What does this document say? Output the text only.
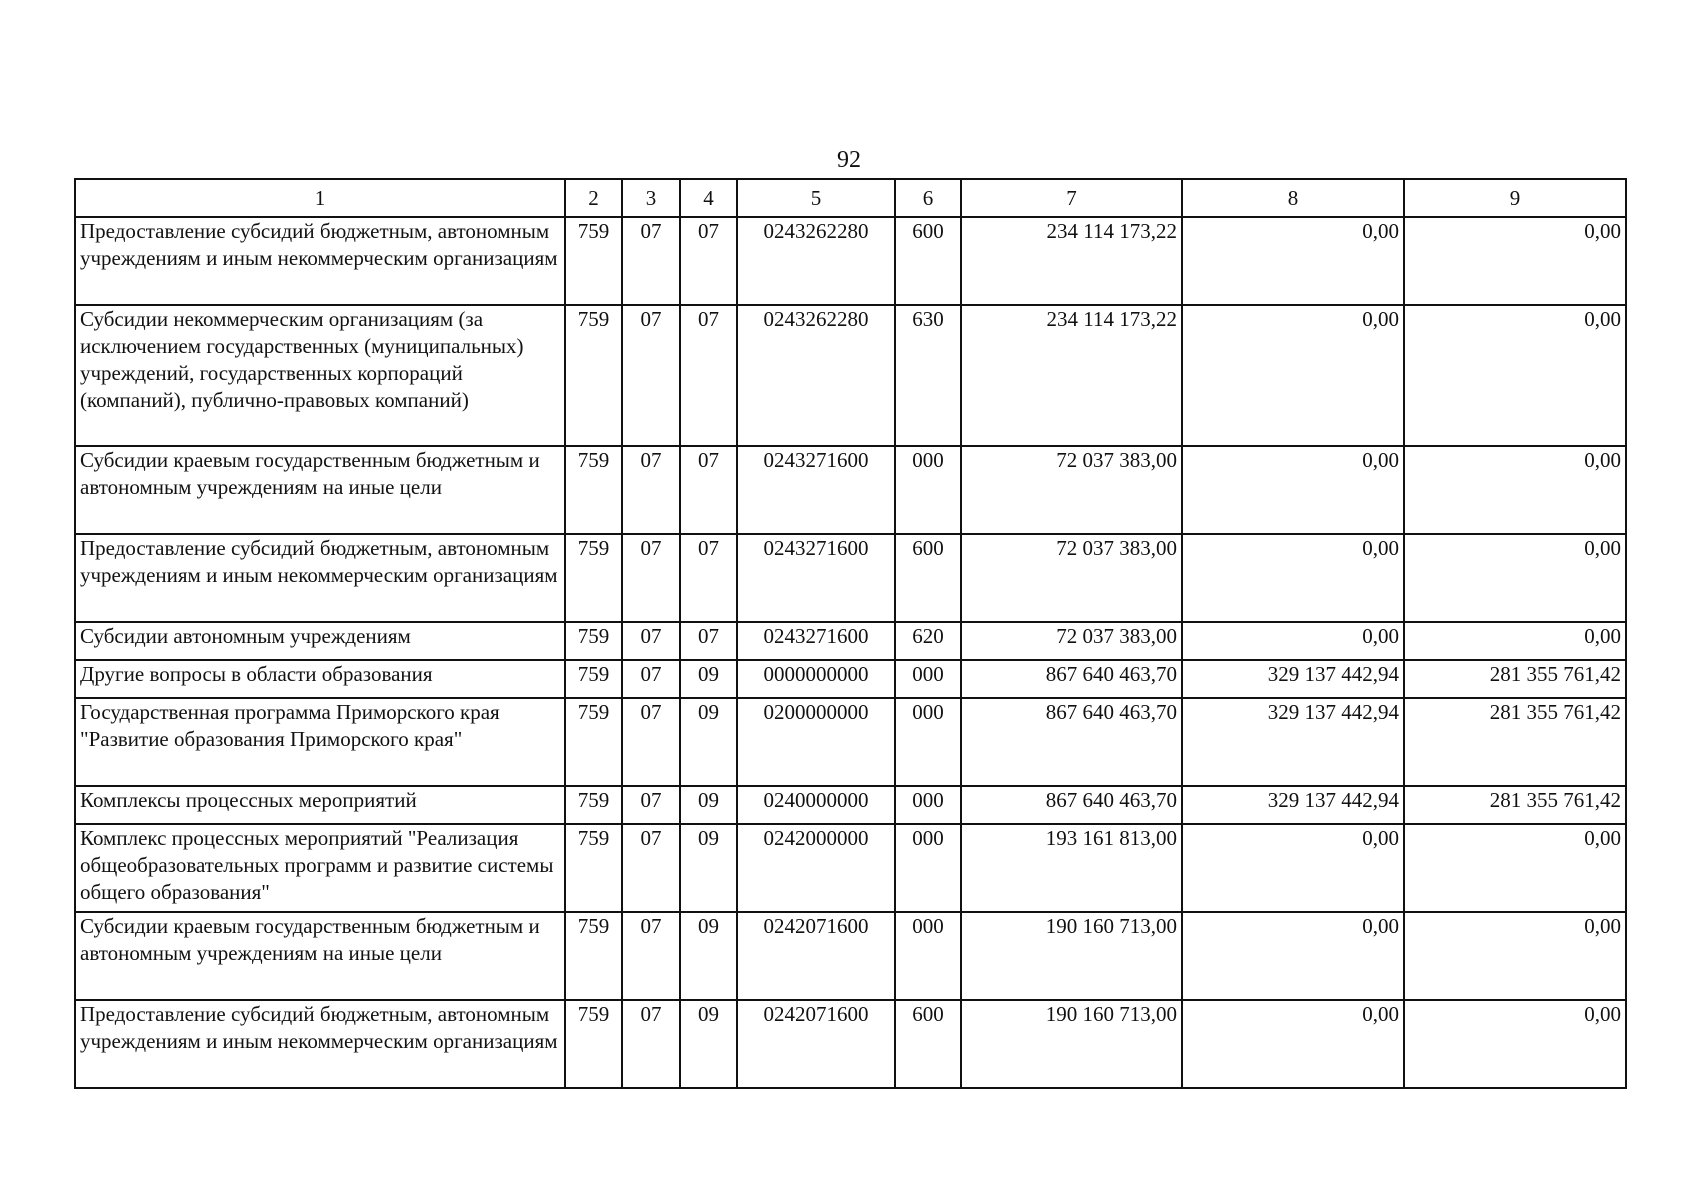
92
1	2	3	4	5	6	7	8	9
Предоставление субсидий бюджетным, автономным учреждениям и иным некоммерческим организациям	759	07	07	0243262280	600	234 114 173,22	0,00	0,00
Субсидии некоммерческим организациям (за исключением государственных (муниципальных) учреждений, государственных корпораций (компаний), публично-правовых компаний)	759	07	07	0243262280	630	234 114 173,22	0,00	0,00
Субсидии краевым государственным бюджетным и автономным учреждениям на иные цели	759	07	07	0243271600	000	72 037 383,00	0,00	0,00
Предоставление субсидий бюджетным, автономным учреждениям и иным некоммерческим организациям	759	07	07	0243271600	600	72 037 383,00	0,00	0,00
Субсидии автономным учреждениям	759	07	07	0243271600	620	72 037 383,00	0,00	0,00
Другие вопросы в области образования	759	07	09	0000000000	000	867 640 463,70	329 137 442,94	281 355 761,42
Государственная программа Приморского края "Развитие образования Приморского края"	759	07	09	0200000000	000	867 640 463,70	329 137 442,94	281 355 761,42
Комплексы процессных мероприятий	759	07	09	0240000000	000	867 640 463,70	329 137 442,94	281 355 761,42
Комплекс процессных мероприятий "Реализация общеобразовательных программ и развитие системы общего образования"	759	07	09	0242000000	000	193 161 813,00	0,00	0,00
Субсидии краевым государственным бюджетным и автономным учреждениям на иные цели	759	07	09	0242071600	000	190 160 713,00	0,00	0,00
Предоставление субсидий бюджетным, автономным учреждениям и иным некоммерческим организациям	759	07	09	0242071600	600	190 160 713,00	0,00	0,00
